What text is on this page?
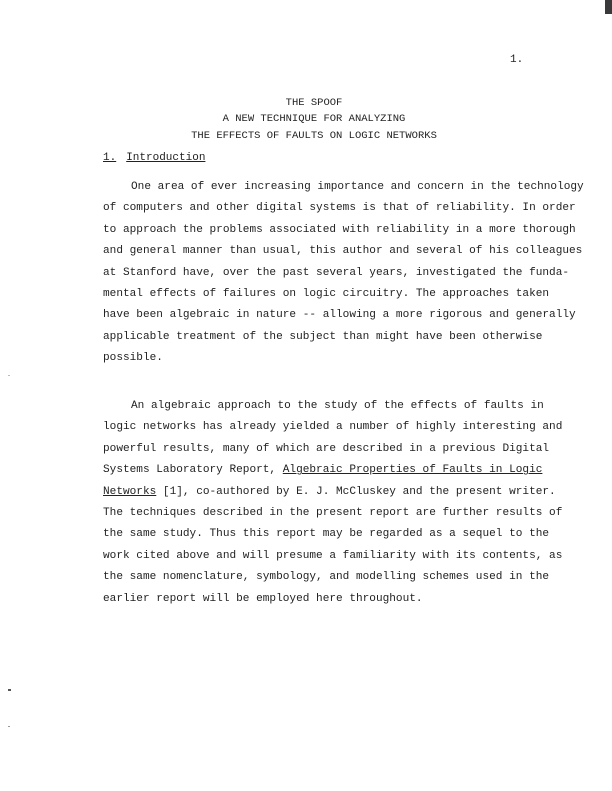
1.
THE SPOOF
A NEW TECHNIQUE FOR ANALYZING
THE EFFECTS OF FAULTS ON LOGIC NETWORKS
1. Introduction
One area of ever increasing importance and concern in the technology
of computers and other digital systems is that of reliability. In order
to approach the problems associated with reliability in a more thorough
and general manner than usual, this author and several of his colleagues
at Stanford have, over the past several years, investigated the funda-
mental effects of failures on logic circuitry. The approaches taken
have been algebraic in nature -- allowing a more rigorous and generally
applicable treatment of the subject than might have been otherwise
possible.
An algebraic approach to the study of the effects of faults in
logic networks has already yielded a number of highly interesting and
powerful results, many of which are described in a previous Digital
Systems Laboratory Report, Algebraic Properties of Faults in Logic
Networks [1], co-authored by E. J. McCluskey and the present writer.
The techniques described in the present report are further results of
the same study. Thus this report may be regarded as a sequel to the
work cited above and will presume a familiarity with its contents, as
the same nomenclature, symbology, and modelling schemes used in the
earlier report will be employed here throughout.
